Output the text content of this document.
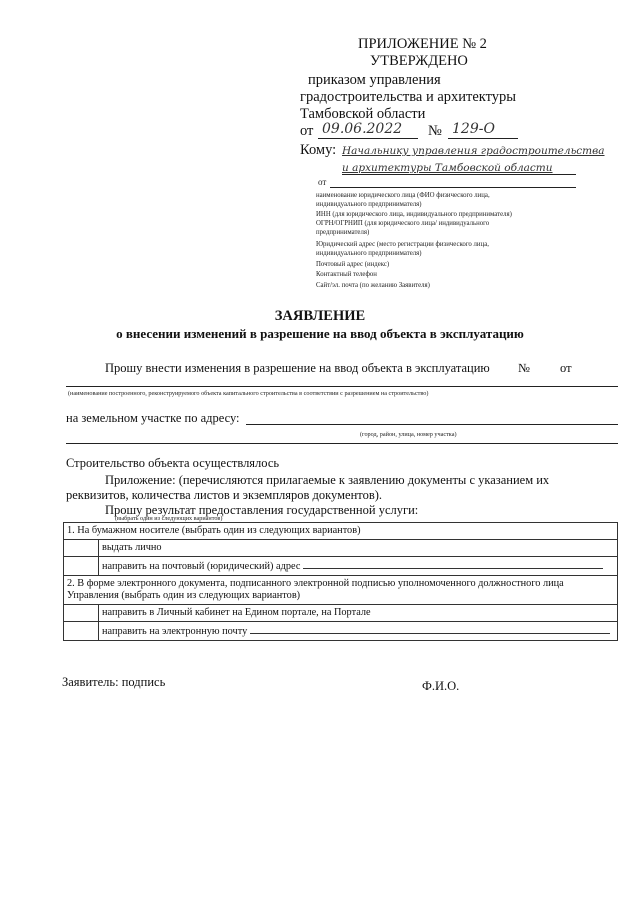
ПРИЛОЖЕНИЕ № 2
УТВЕРЖДЕНО
приказом управления
градостроительства и архитектуры
Тамбовской области
от 09.06.2022 № 129-О
Кому: Начальнику управления градостроительства
и архитектуры Тамбовской области
от
наименование юридического лица (ФИО физического лица,
индивидуального предпринимателя)
ИНН (для юридического лица, индивидуального предпринимателя)
ОГРН/ОГРНИП (для юридического лица/ индивидуального
предпринимателя)
Юридический адрес (место регистрации физического лица,
индивидуального предпринимателя)
Почтовый адрес (индекс)
Контактный телефон
Сайт/эл. почта (по желанию Заявителя)
ЗАЯВЛЕНИЕ
о внесении изменений в разрешение на ввод объекта в эксплуатацию
Прошу внести изменения в разрешение на ввод объекта в эксплуатацию № от
(наименование построенного, реконструируемого объекта капитального строительства в соответствии с разрешением на строительство)
на земельном участке по адресу:
(город, район, улица, номер участка)
Строительство объекта осуществлялось
Приложение: (перечисляются прилагаемые к заявлению документы с указанием их
реквизитов, количества листов и экземпляров документов).
Прошу результат предоставления государственной услуги:
(выбрать один из следующих вариантов)
1. На бумажном носителе (выбрать один из следующих вариантов)	
	выдать лично
	направить на почтовый (юридический) адрес
2. В форме электронного документа, подписанного электронной подписью уполномоченного должностного лица Управления (выбрать один из следующих вариантов)	
	направить в Личный кабинет на Едином портале, на Портале
	направить на электронную почту
Заявитель: подпись	Ф.И.О.
